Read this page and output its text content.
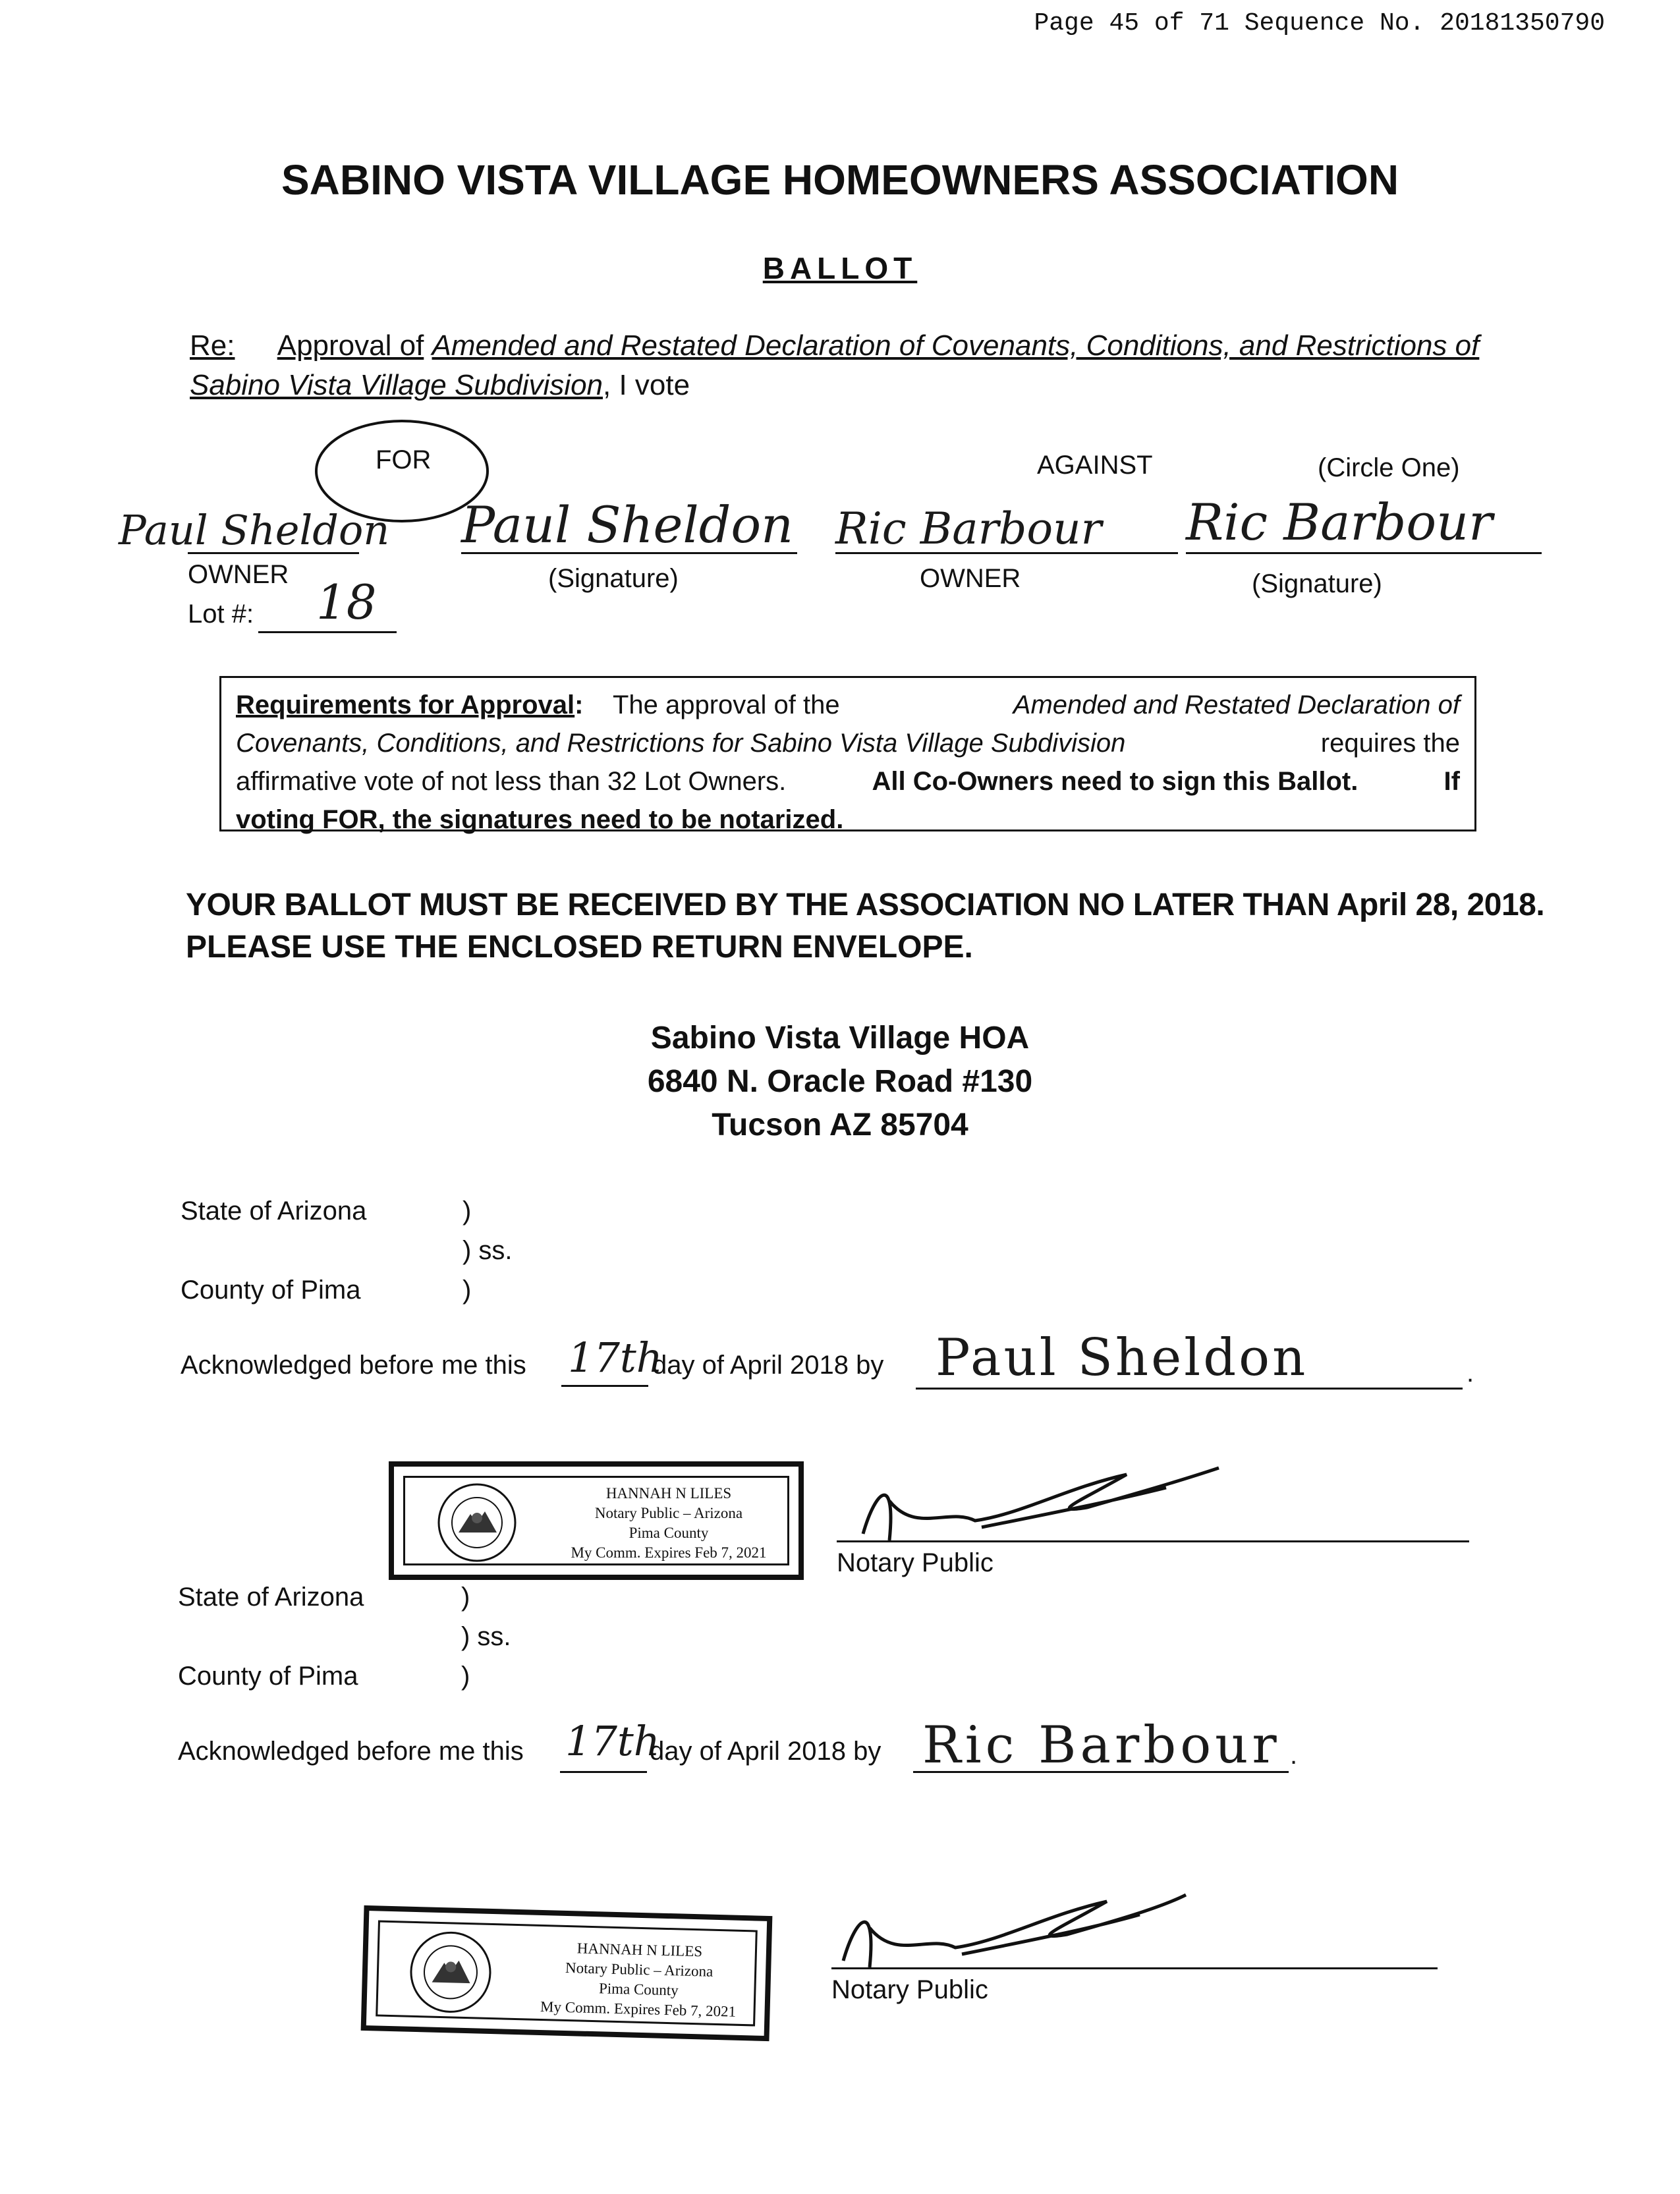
Page 45 of 71 Sequence No. 20181350790
SABINO VISTA VILLAGE HOMEOWNERS ASSOCIATION
BALLOT
Re: Approval of Amended and Restated Declaration of Covenants, Conditions, and Restrictions of
Sabino Vista Village Subdivision, I vote
FOR	AGAINST	(Circle One)
Paul Sheldon Paul Sheldon
OWNER	(Signature)
Lot #: 18
Ric Barbour Ric Barbour
OWNER	(Signature)
Requirements for Approval: The approval of the	Amended and Restated Declaration of
Covenants, Conditions, and Restrictions for Sabino Vista Village Subdivision	requires the
affirmative vote of not less than 32 Lot Owners.	All Co-Owners need to sign this Ballot.	If
voting FOR, the signatures need to be notarized.
YOUR BALLOT MUST BE RECEIVED BY THE ASSOCIATION NO LATER THAN April 28, 2018.
PLEASE USE THE ENCLOSED RETURN ENVELOPE.
Sabino Vista Village HOA
6840 N. Oracle Road #130
Tucson AZ 85704
State of Arizona	)
) ss.
County of Pima	)
Acknowledged before me this 17th
day of April 2018 by Paul Sheldon	.
HANNAH N LILES
Notary Public – Arizona
Pima County
My Comm. Expires Feb 7, 2021	Notary Public
State of Arizona	)
) ss.
County of Pima	)
Acknowledged before me this 17th
day of April 2018 by Ric Barbour .
HANNAH N LILES
Notary Public – Arizona
Pima County
My Comm. Expires Feb 7, 2021
Notary Public
